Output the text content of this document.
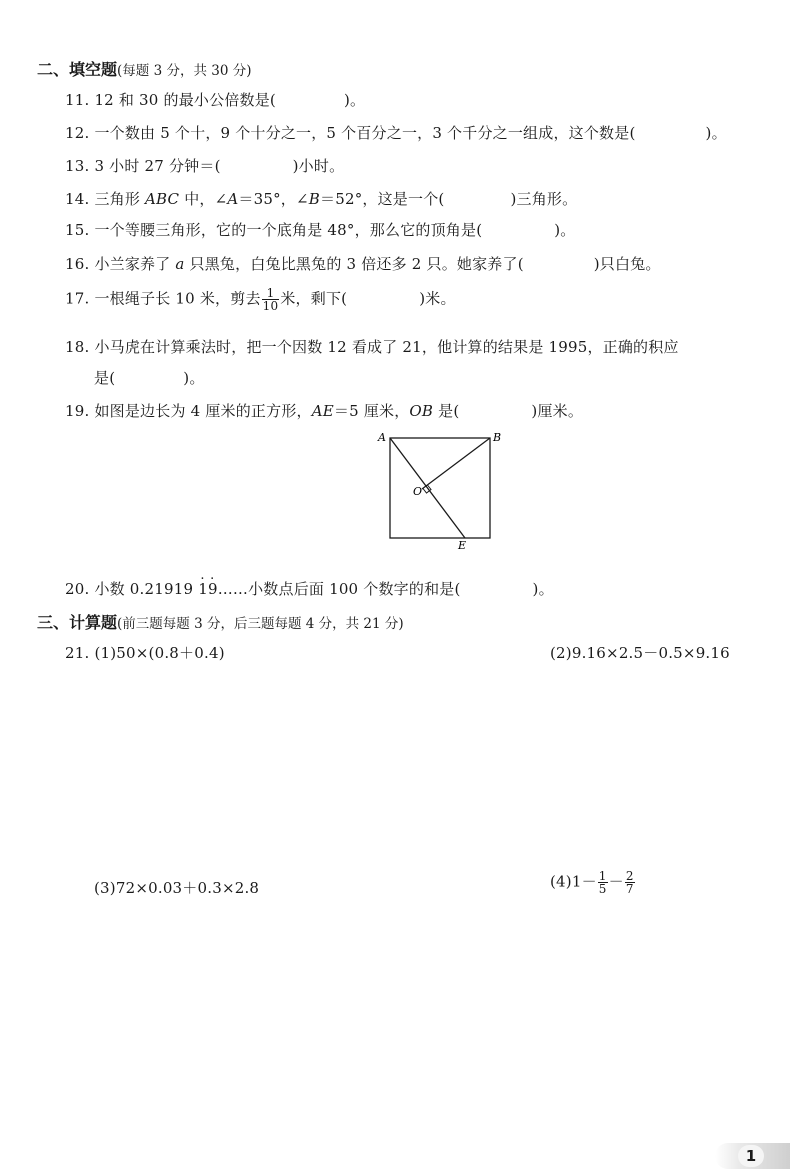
二、填空题(每题 3 分，共 30 分)
11. 12 和 30 的最小公倍数是(	)。
12. 一个数由 5 个十，9 个十分之一，5 个百分之一，3 个千分之一组成，这个数是(	)。
13. 3 小时 27 分钟＝(	)小时。
14. 三角形 ABC 中，∠A＝35°，∠B＝52°，这是一个(	)三角形。
15. 一个等腰三角形，它的一个底角是 48°，那么它的顶角是(	)。
16. 小兰家养了 a 只黑兔，白兔比黑兔的 3 倍还多 2 只。她家养了(	)只白兔。
17. 一根绳子长 10 米，剪去 $\frac{1}{10}$ 米，剩下(	)米。
18. 小马虎在计算乘法时，把一个因数 12 看成了 21，他计算的结果是 1995，正确的积应
是(	)。
19. 如图是边长为 4 厘米的正方形，AE＝5 厘米，OB 是(	)厘米。
A	B
O
E
20. 小数 0.21919 ․ 1․ 9……小数点后面 100 个数字的和是(	)。
三、计算题(前三题每题 3 分，后三题每题 4 分，共 21 分)
21. (1)50×(0.8＋0.4)	(2)9.16×2.5－0.5×9.16
(3)72×0.03＋0.3×2.8	$(4)1- \frac{1}{5} - \frac{2}{7}$
1
